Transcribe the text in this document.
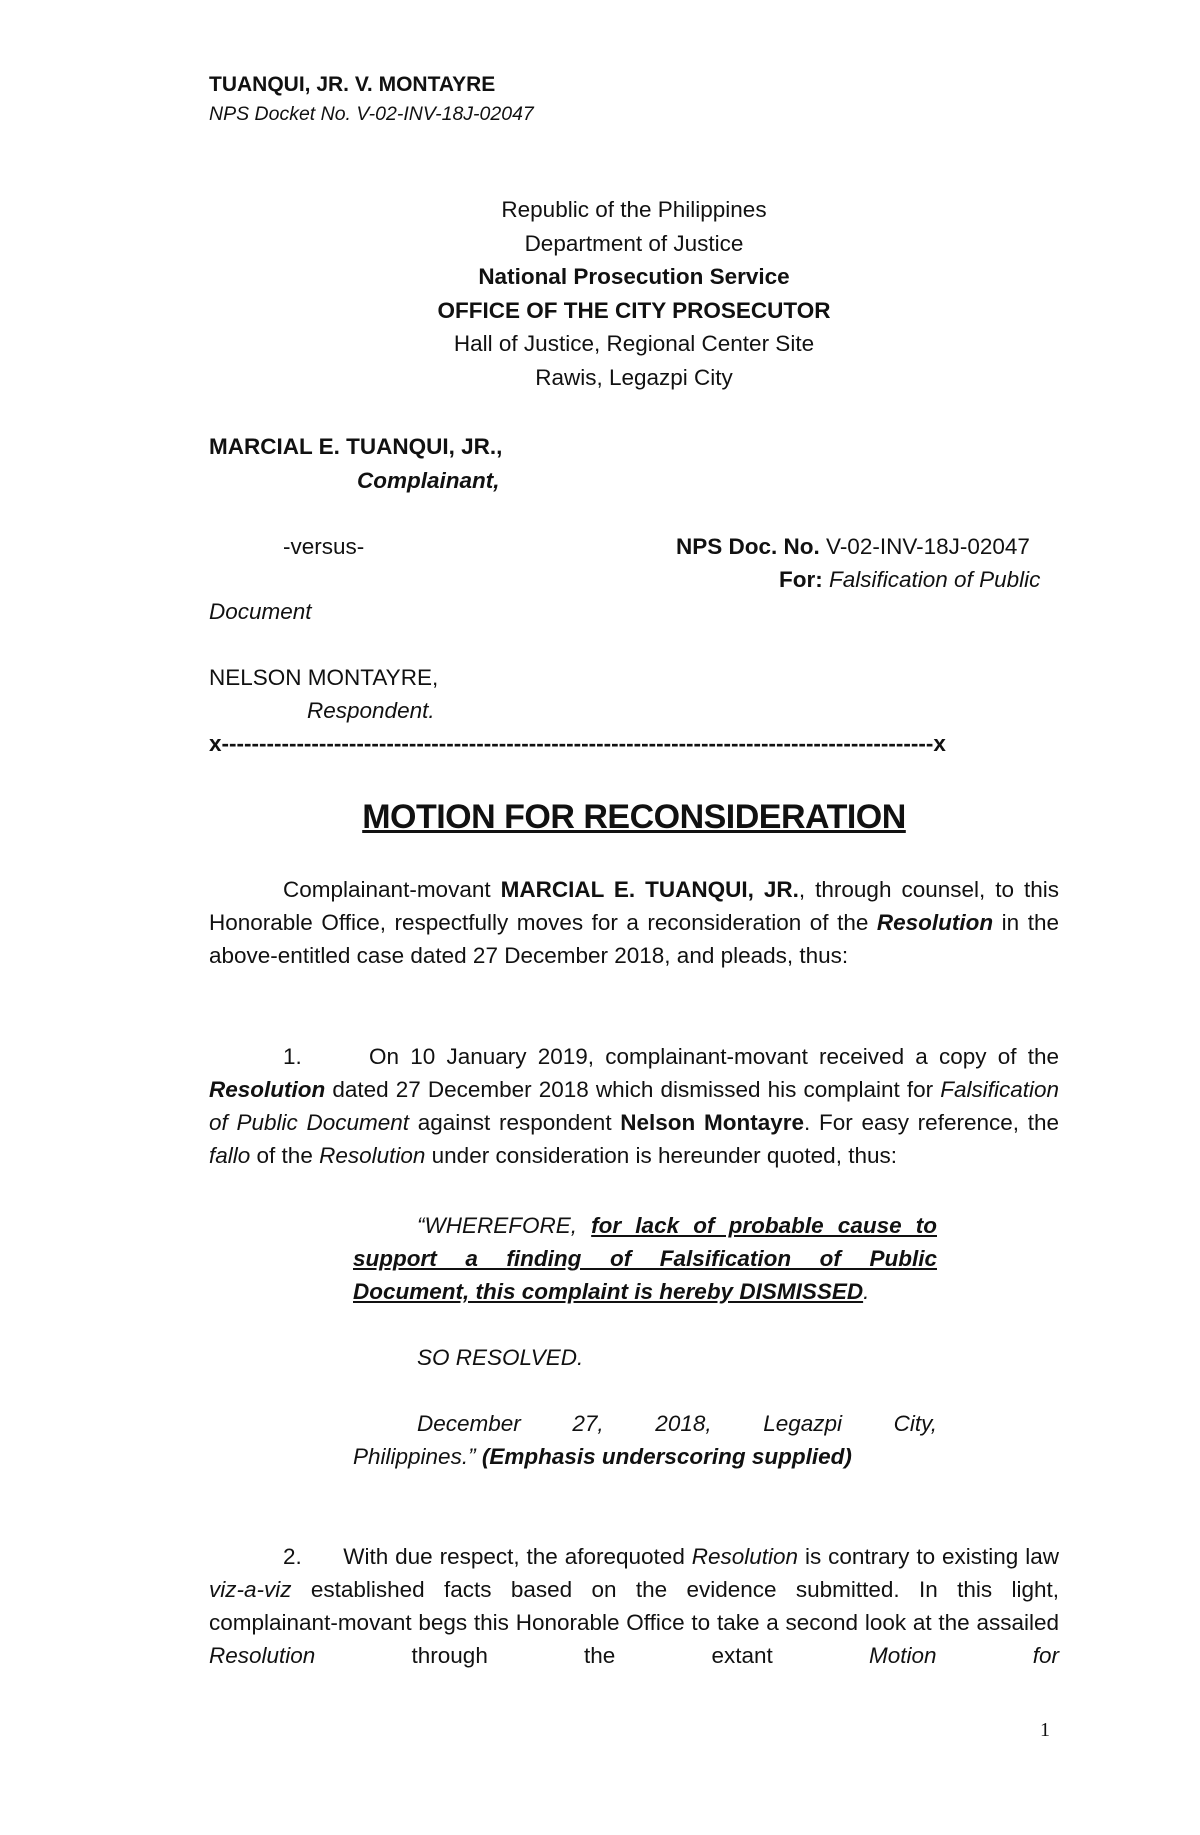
TUANQUI, JR. V. MONTAYRE
NPS Docket No. V-02-INV-18J-02047
Republic of the Philippines
Department of Justice
National Prosecution Service
OFFICE OF THE CITY PROSECUTOR
Hall of Justice, Regional Center Site
Rawis, Legazpi City
MARCIAL E. TUANQUI, JR.,
Complainant,
-versus-	NPS Doc. No. V-02-INV-18J-02047
For: Falsification of Public
Document
NELSON MONTAYRE,
Respondent.
x-----------------------------------------------------------------------------------------------x
MOTION FOR RECONSIDERATION
Complainant-movant MARCIAL E. TUANQUI, JR., through counsel, to this Honorable Office, respectfully moves for a reconsideration of the Resolution in the above-entitled case dated 27 December 2018, and pleads, thus:
1.	On 10 January 2019, complainant-movant received a copy of the Resolution dated 27 December 2018 which dismissed his complaint for Falsification of Public Document against respondent Nelson Montayre. For easy reference, the fallo of the Resolution under consideration is hereunder quoted, thus:
“WHEREFORE, for lack of probable cause to
support a finding of Falsification of Public
Document, this complaint is hereby DISMISSED.
SO RESOLVED.
December 27, 2018, Legazpi City,
Philippines.” (Emphasis underscoring supplied)
2. With due respect, the aforequoted Resolution is contrary to existing law viz-a-viz established facts based on the evidence submitted. In this light, complainant-movant begs this Honorable Office to take a second look at the assailed Resolution through the extant Motion for
1
